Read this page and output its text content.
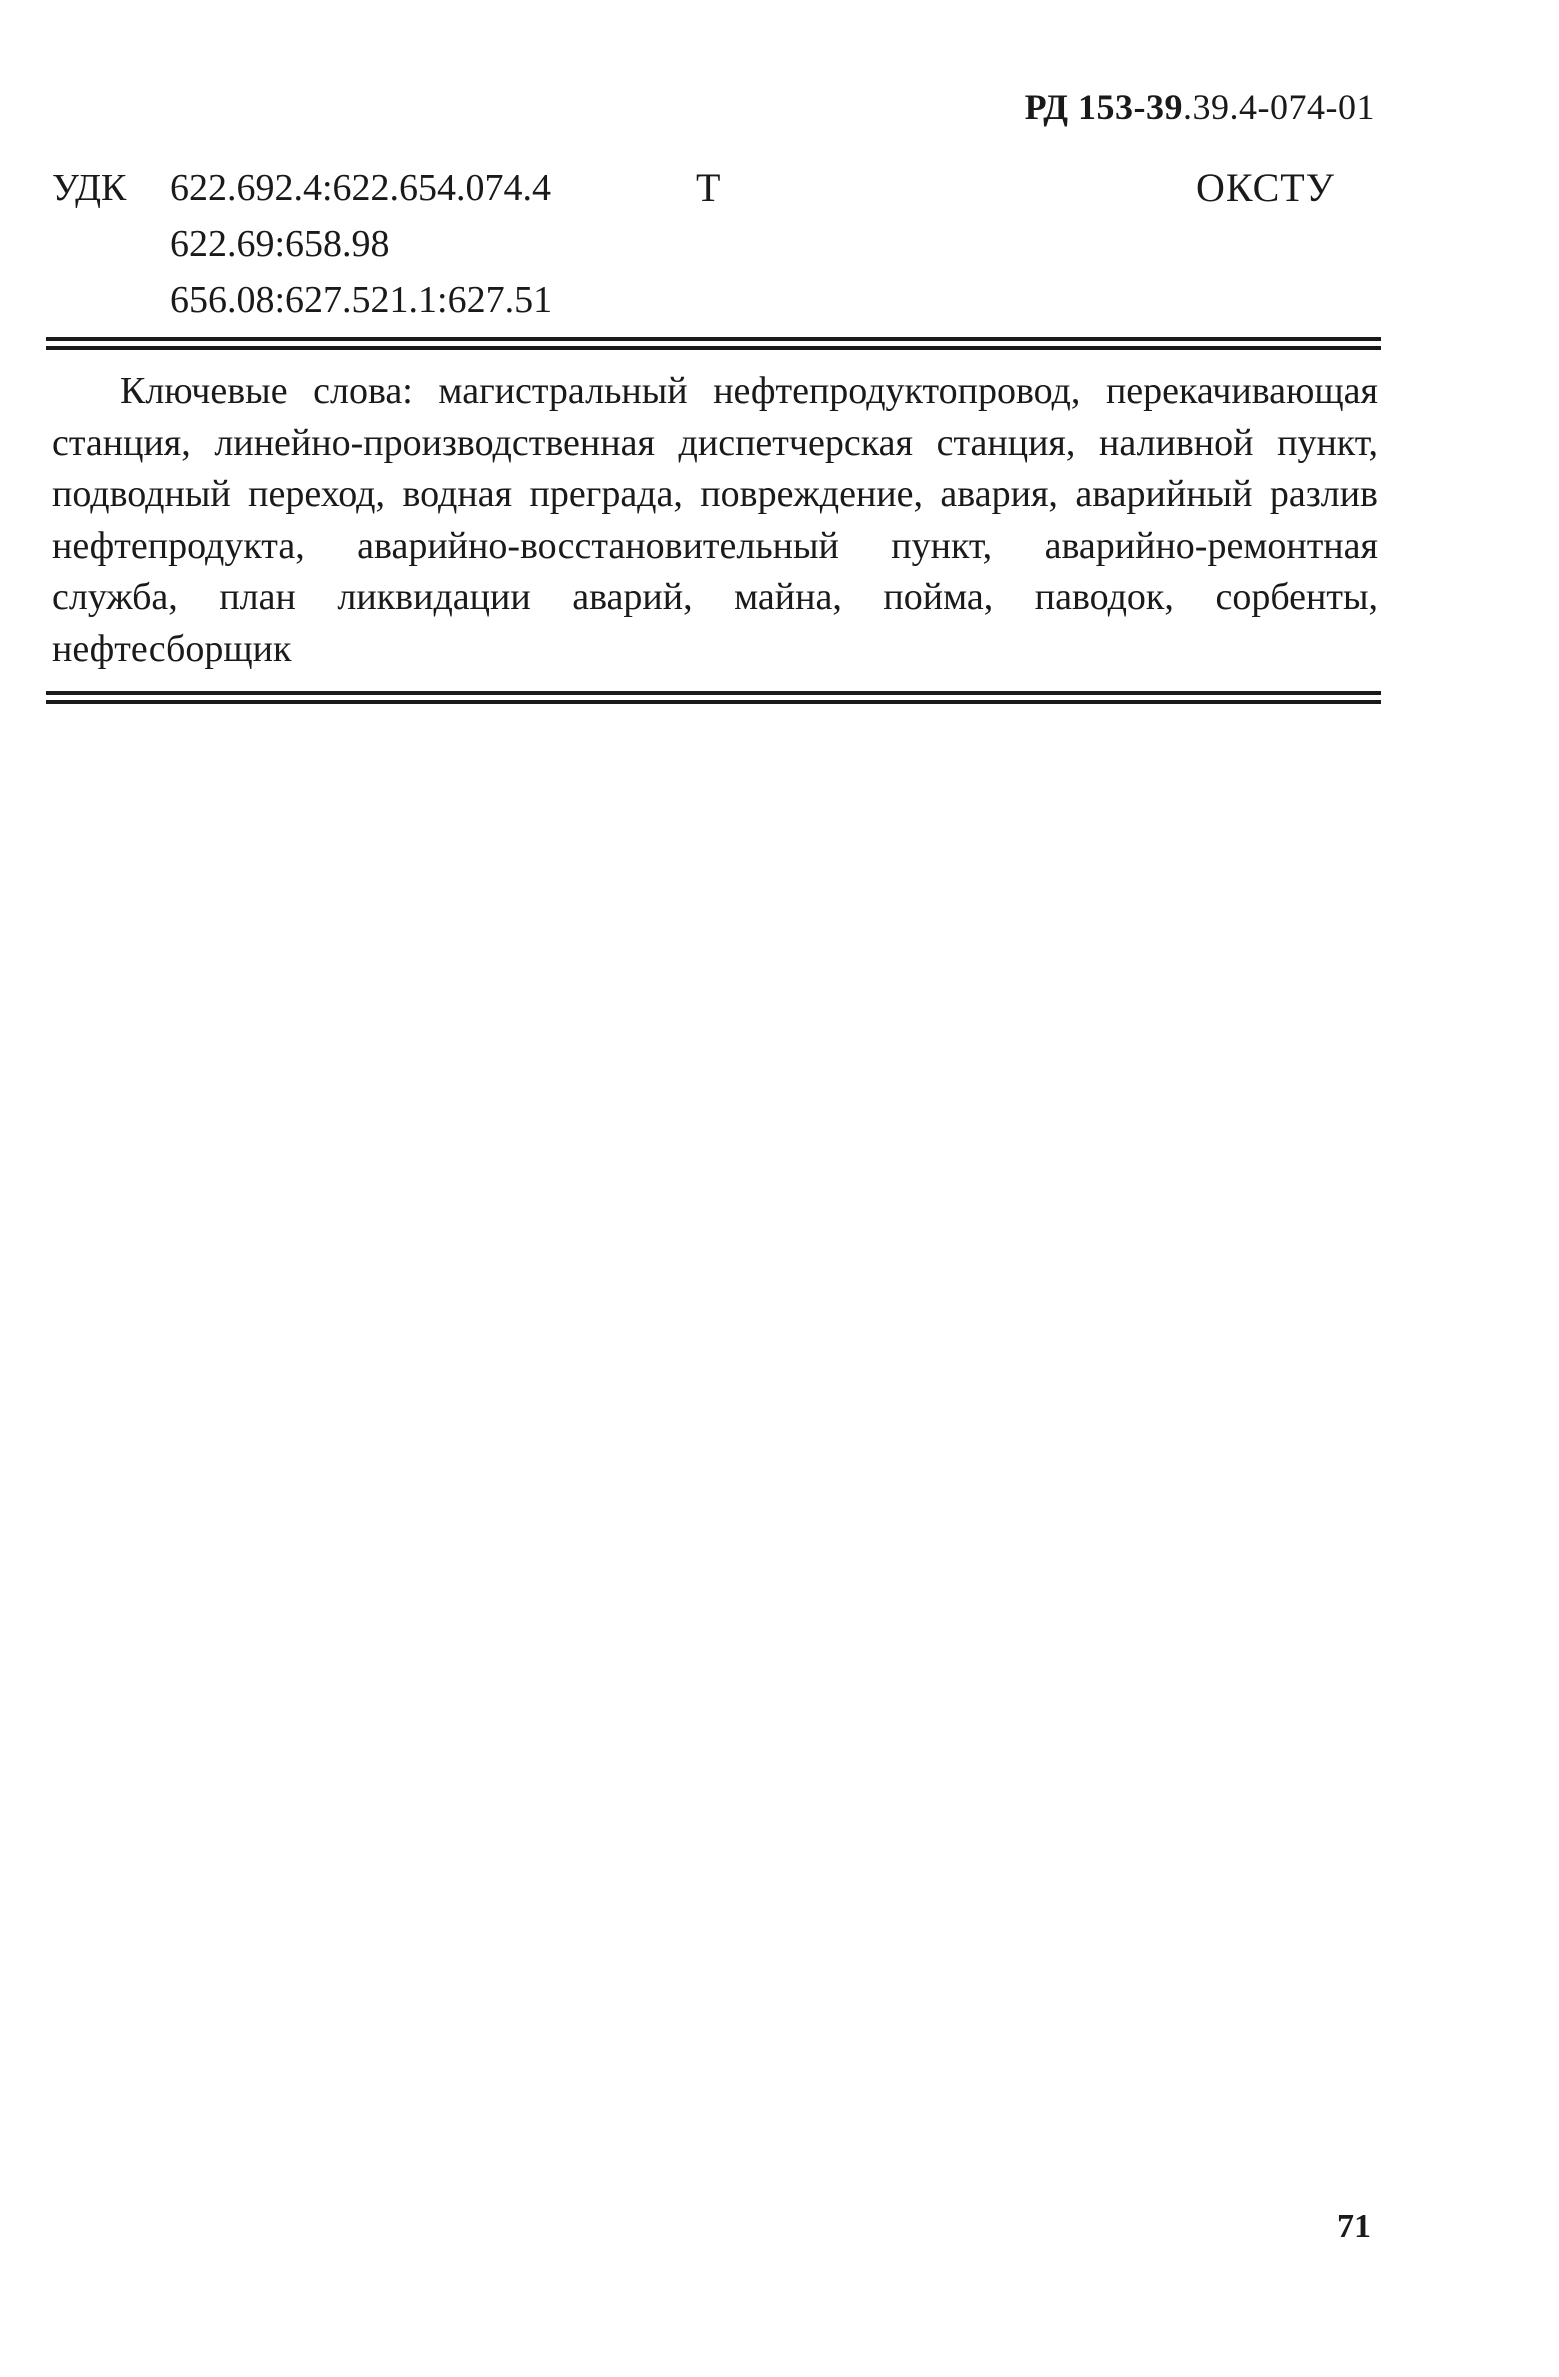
РД 153-39.39.4-074-01
УДК	622.692.4:622.654.074.4
622.69:658.98
656.08:627.521.1:627.51
Т	ОКСТУ

Ключевые слова: магистральный нефтепродуктопровод, перекачивающая станция, линейно-производственная диспетчерская станция, наливной пункт, подводный переход, водная преграда, повреждение, авария, аварийный разлив нефтепродукта, аварийно-восстановительный пункт, аварийно-ремонтная служба, план ликвидации аварий, майна, пойма, паводок, сорбенты, нефтесборщик

71
